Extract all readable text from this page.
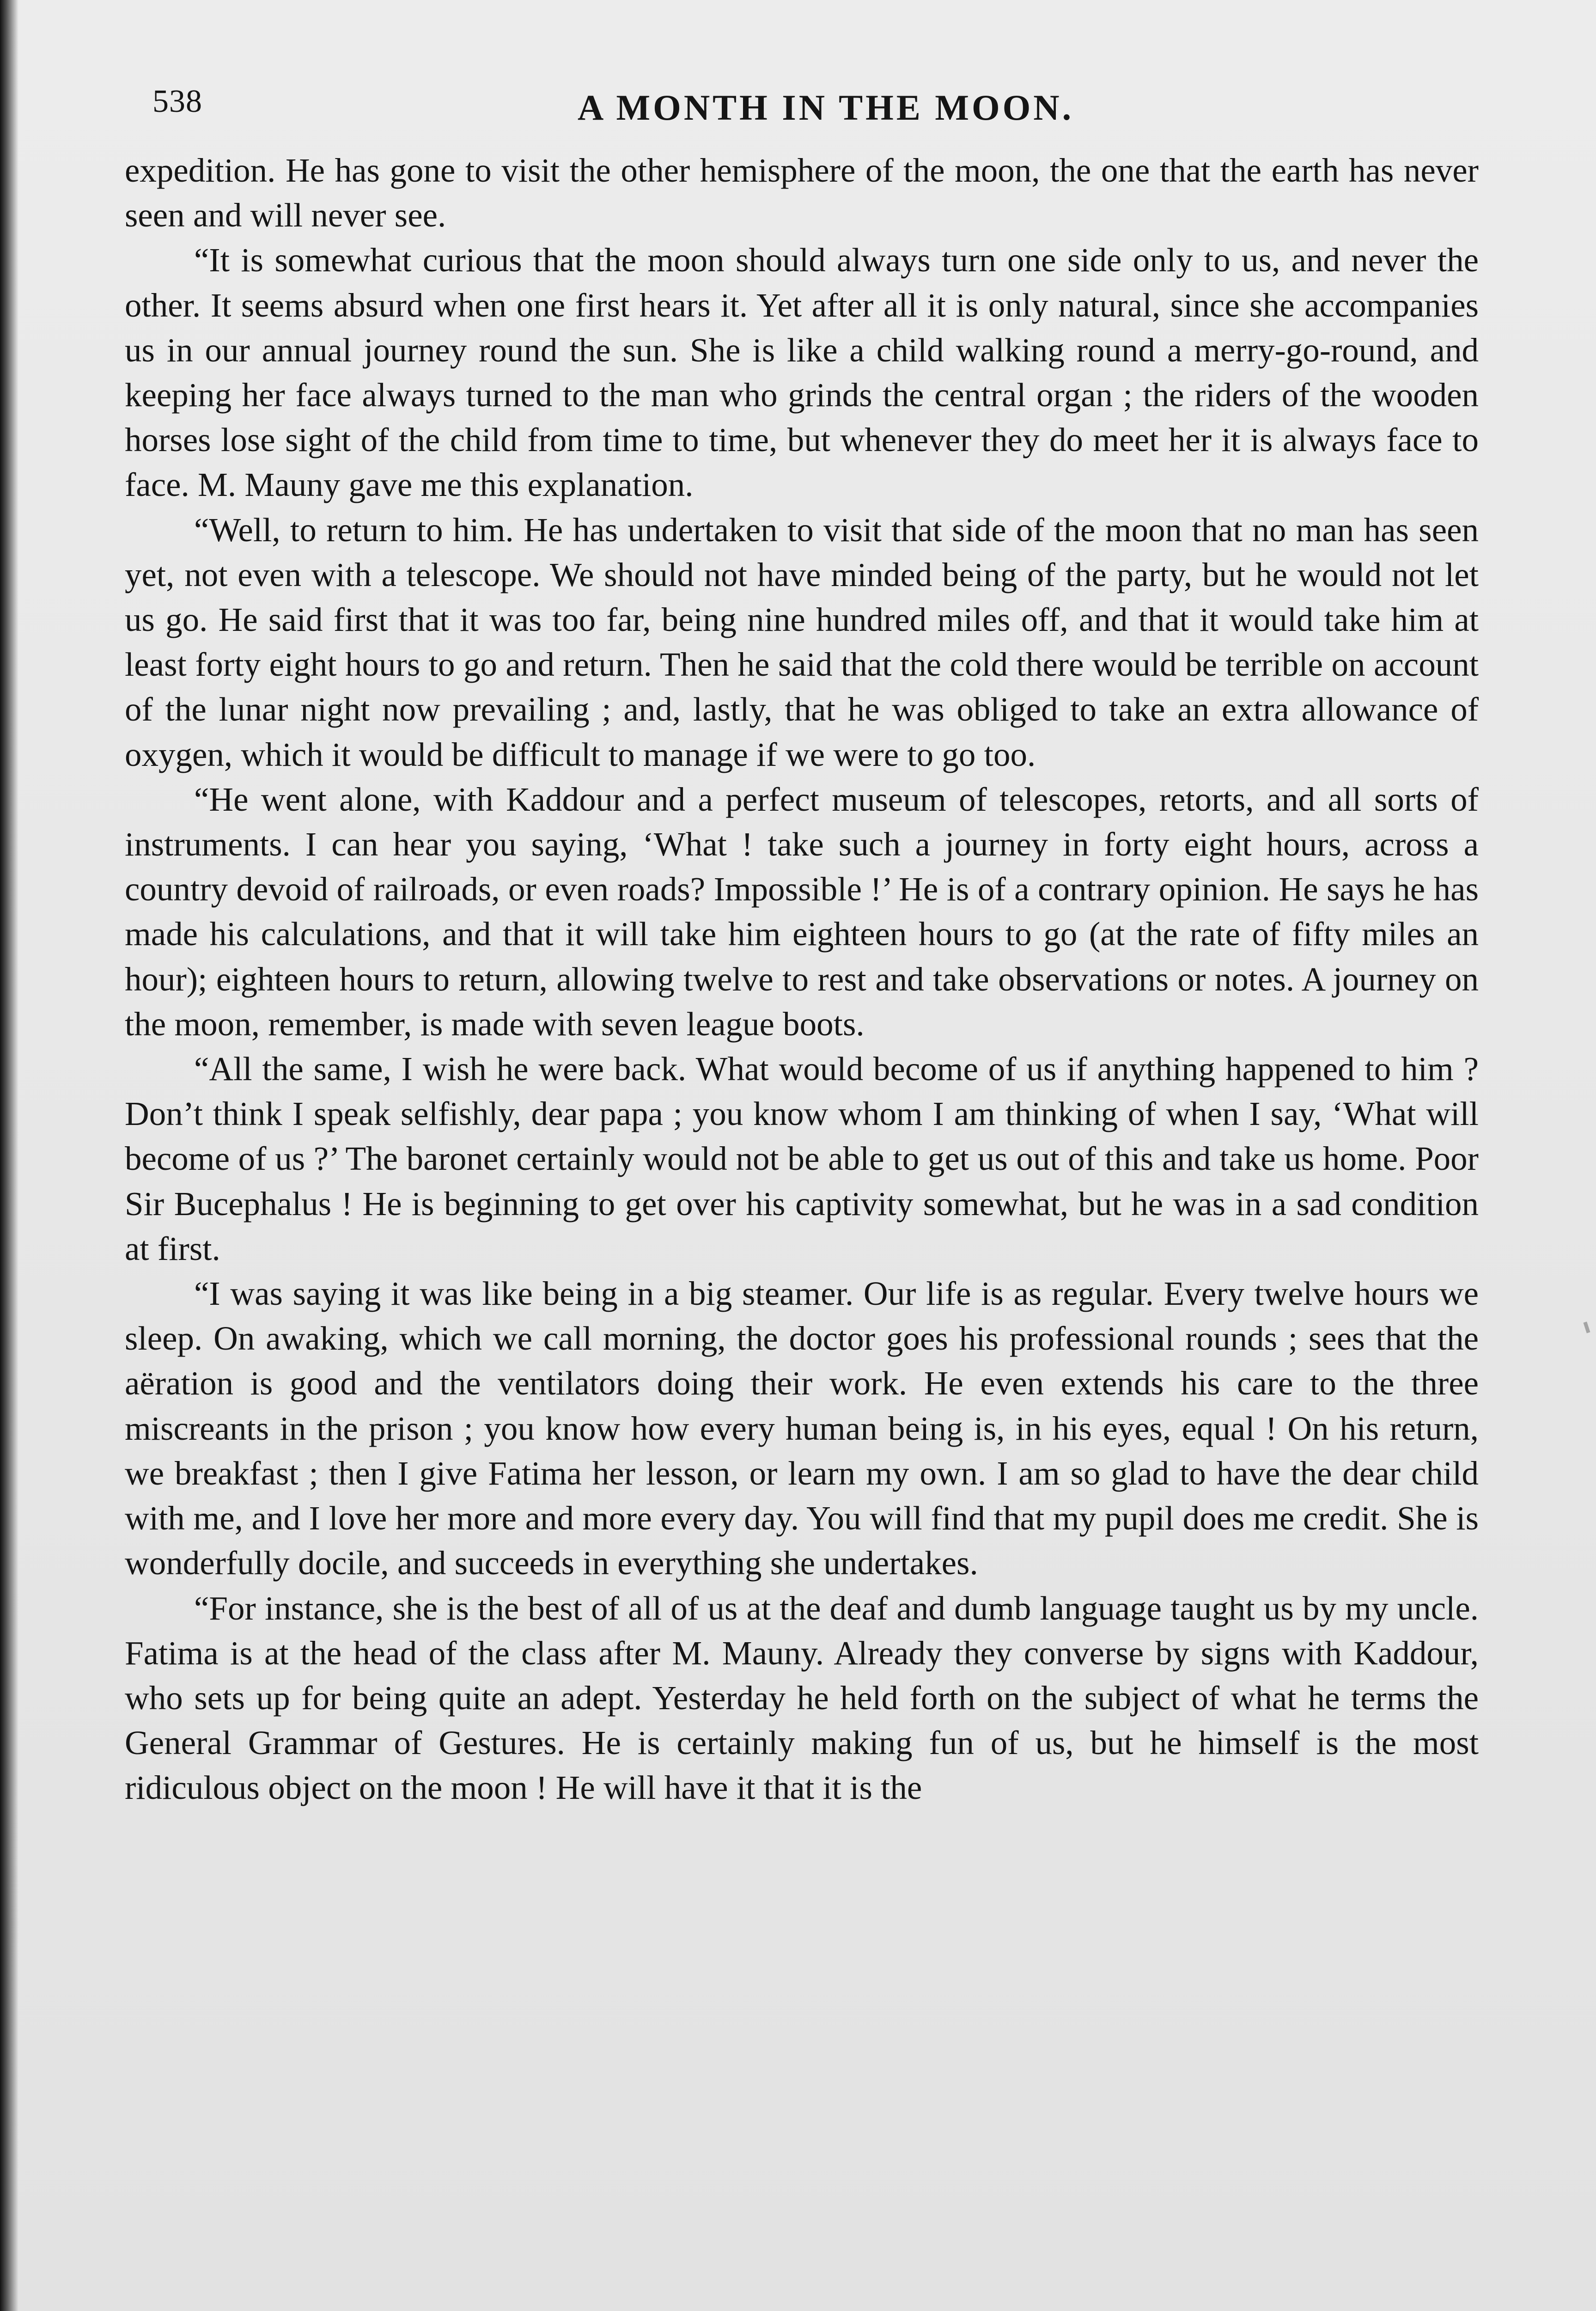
538	A MONTH IN THE MOON.

expedition. He has gone to visit the other hemisphere of the moon, the one that the earth has never seen and will never see.

“It is somewhat curious that the moon should always turn one side only to us, and never the other. It seems absurd when one first hears it. Yet after all it is only natural, since she accompanies us in our annual journey round the sun. She is like a child walking round a merry-go-round, and keeping her face always turned to the man who grinds the central organ ; the riders of the wooden horses lose sight of the child from time to time, but whenever they do meet her it is always face to face. M. Mauny gave me this explanation.

“Well, to return to him. He has undertaken to visit that side of the moon that no man has seen yet, not even with a telescope. We should not have minded being of the party, but he would not let us go. He said first that it was too far, being nine hundred miles off, and that it would take him at least forty eight hours to go and return. Then he said that the cold there would be terrible on account of the lunar night now prevailing ; and, lastly, that he was obliged to take an extra allowance of oxygen, which it would be difficult to manage if we were to go too.

“He went alone, with Kaddour and a perfect museum of telescopes, retorts, and all sorts of instruments. I can hear you saying, ‘What ! take such a journey in forty eight hours, across a country devoid of railroads, or even roads? Impossible !’ He is of a contrary opinion. He says he has made his calculations, and that it will take him eighteen hours to go (at the rate of fifty miles an hour); eighteen hours to return, allowing twelve to rest and take observations or notes. A journey on the moon, remember, is made with seven league boots.

“All the same, I wish he were back. What would become of us if anything happened to him ? Don’t think I speak selfishly, dear papa ; you know whom I am thinking of when I say, ‘What will become of us ?’ The baronet certainly would not be able to get us out of this and take us home. Poor Sir Bucephalus ! He is beginning to get over his captivity somewhat, but he was in a sad condition at first.

“I was saying it was like being in a big steamer. Our life is as regular. Every twelve hours we sleep. On awaking, which we call morning, the doctor goes his professional rounds ; sees that the aëration is good and the ventilators doing their work. He even extends his care to the three miscreants in the prison ; you know how every human being is, in his eyes, equal ! On his return, we breakfast ; then I give Fatima her lesson, or learn my own. I am so glad to have the dear child with me, and I love her more and more every day. You will find that my pupil does me credit. She is wonderfully docile, and succeeds in everything she undertakes.

“For instance, she is the best of all of us at the deaf and dumb language taught us by my uncle. Fatima is at the head of the class after M. Mauny. Already they converse by signs with Kaddour, who sets up for being quite an adept. Yesterday he held forth on the subject of what he terms the General Grammar of Gestures. He is certainly making fun of us, but he himself is the most ridiculous object on the moon ! He will have it that it is the
